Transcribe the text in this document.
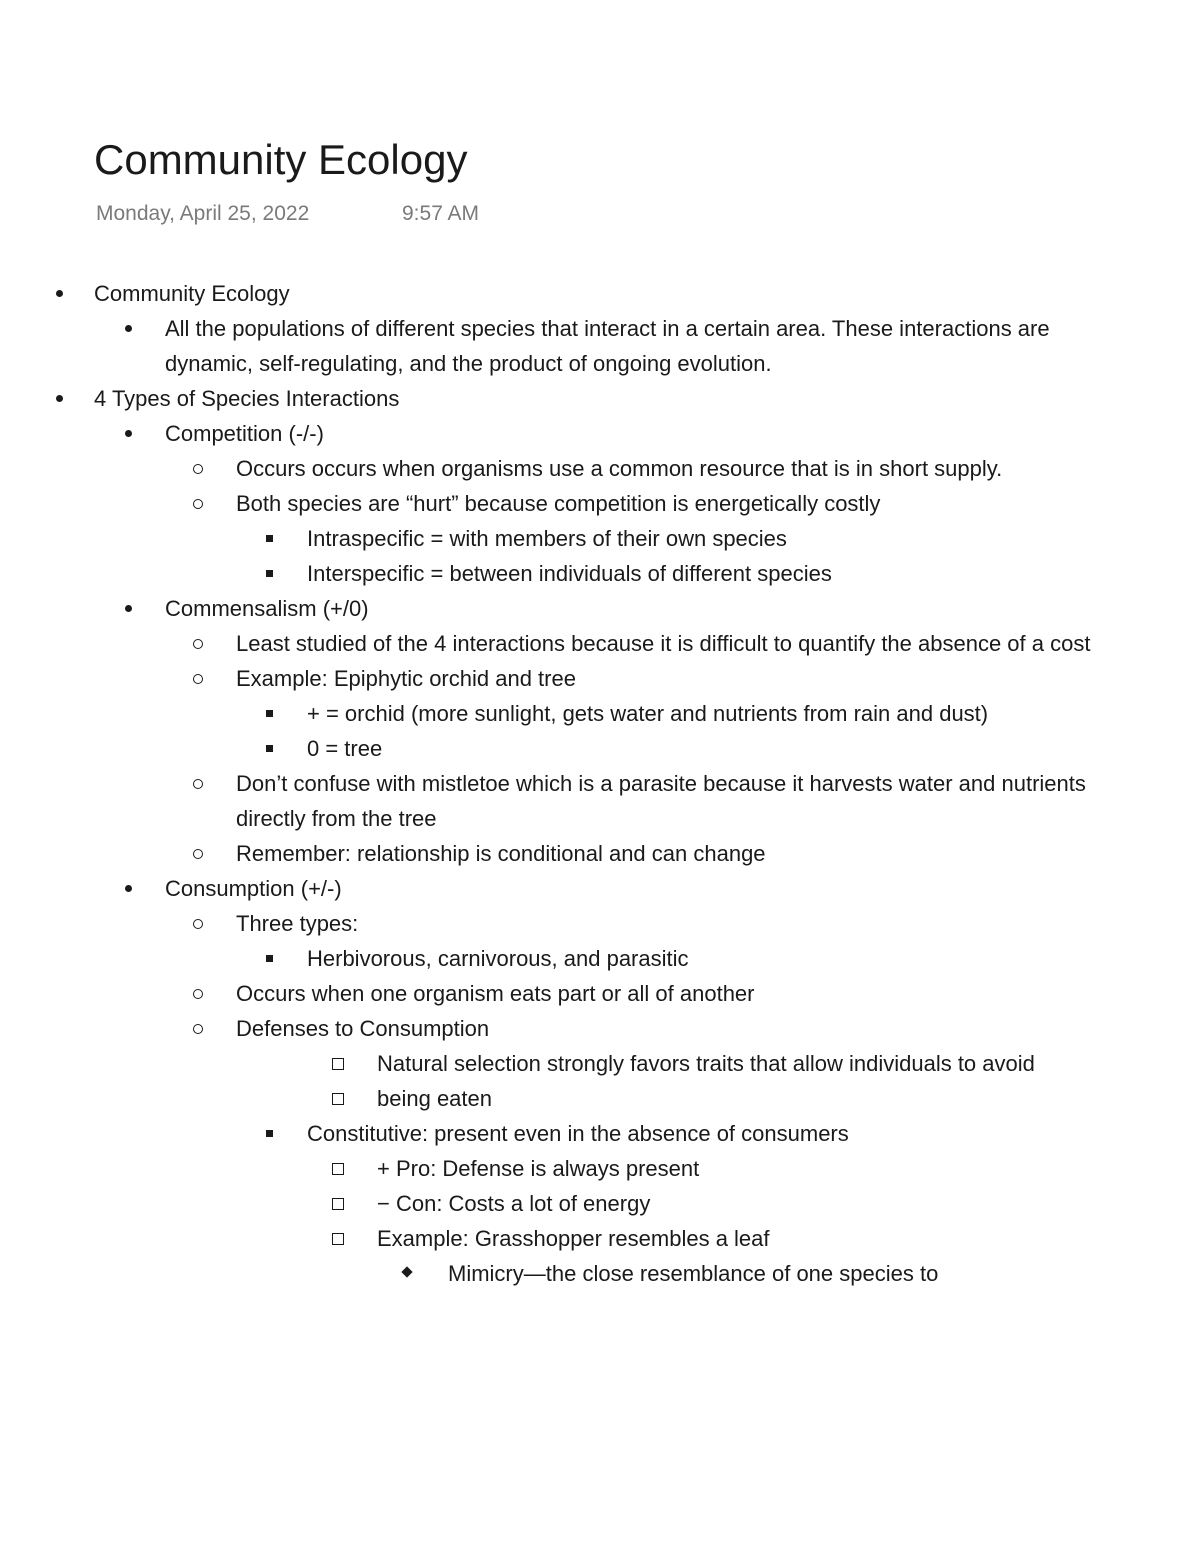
Community Ecology
Monday, April 25, 2022	9:57 AM
Community Ecology
All the populations of different species that interact in a certain area. These interactions are dynamic, self-regulating, and the product of ongoing evolution.
4 Types of Species Interactions
Competition (-/-)
Occurs occurs when organisms use a common resource that is in short supply.
Both species are “hurt” because competition is energetically costly
Intraspecific = with members of their own species
Interspecific = between individuals of different species
Commensalism (+/0)
Least studied of the 4 interactions because it is difficult to quantify the absence of a cost
Example: Epiphytic orchid and tree
+ = orchid (more sunlight, gets water and nutrients from rain and dust)
0 = tree
Don’t confuse with mistletoe which is a parasite because it harvests water and nutrients directly from the tree
Remember: relationship is conditional and can change
Consumption (+/-)
Three types:
Herbivorous, carnivorous, and parasitic
Occurs when one organism eats part or all of another
Defenses to Consumption
Natural selection strongly favors traits that allow individuals to avoid
being eaten
Constitutive: present even in the absence of consumers
+ Pro: Defense is always present
− Con: Costs a lot of energy
Example: Grasshopper resembles a leaf
Mimicry—the close resemblance of one species to
